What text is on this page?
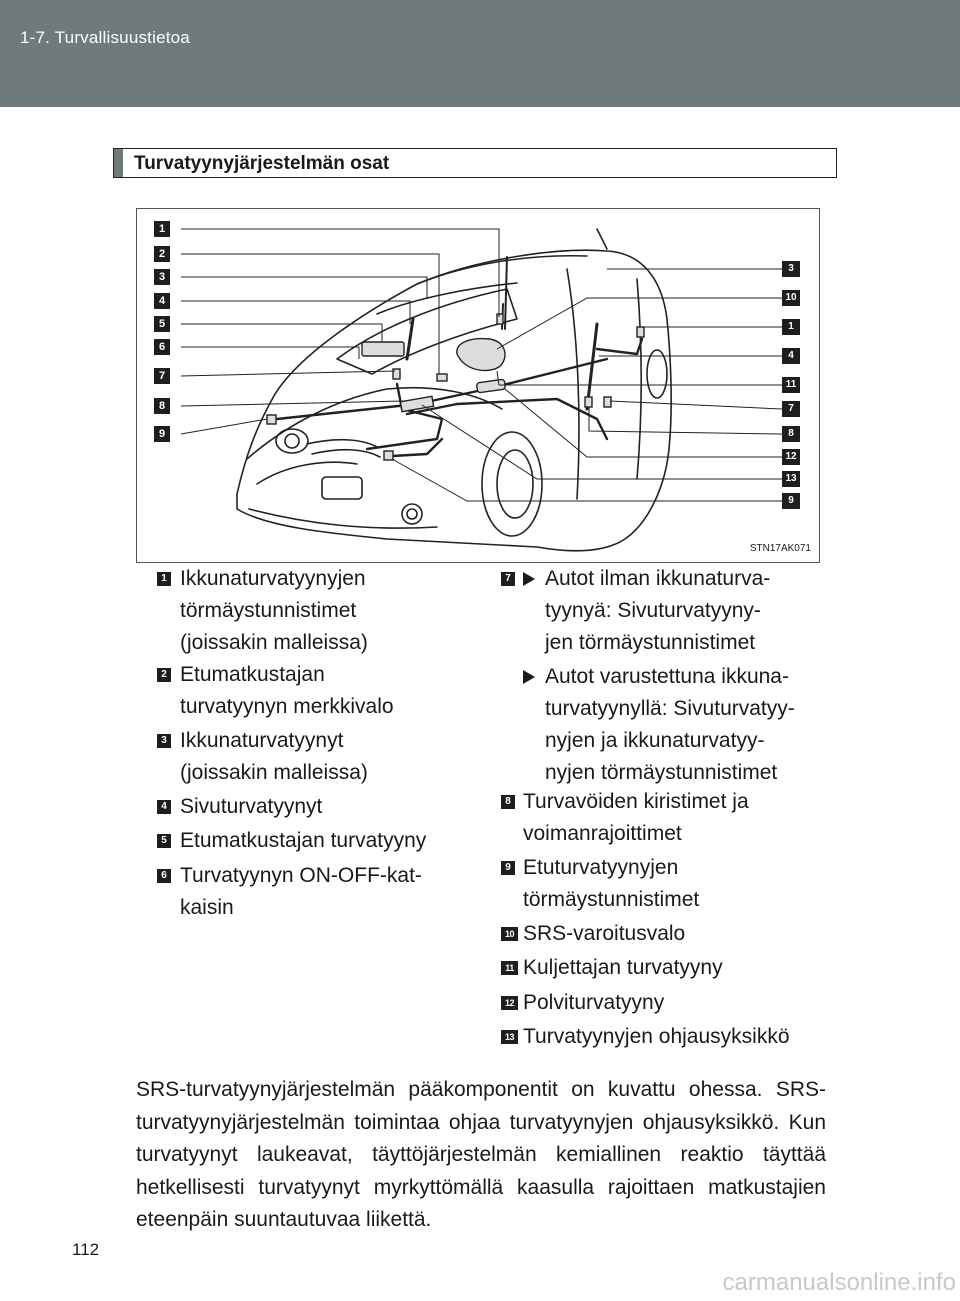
1-7. Turvallisuustietoa
Turvatyynyjärjestelmän osat
1
2
3
4
5
6
7
8
9
3
10
1
4
11
7
8
12
13
9
STN17AK071
1 Ikkunaturvatyynyjen
törmäystunnistimet
(joissakin malleissa)
2 Etumatkustajan
turvatyynyn merkkivalo
3 Ikkunaturvatyynyt
(joissakin malleissa)
4 Sivuturvatyynyt
5 Etumatkustajan turvatyyny
6 Turvatyynyn ON-OFF-kat-
kaisin
7 Autot ilman ikkunaturva-
tyynyä: Sivuturvatyyny-
jen törmäystunnistimet
Autot varustettuna ikkuna-
turvatyynyllä: Sivuturvatyy-
nyjen ja ikkunaturvatyy-
nyjen törmäystunnistimet
8 Turvavöiden kiristimet ja
voimanrajoittimet
9 Etuturvatyynyjen
törmäystunnistimet
10 SRS-varoitusvalo
11 Kuljettajan turvatyyny
12 Polviturvatyyny
13 Turvatyynyjen ohjausyksikkö
SRS-turvatyynyjärjestelmän pääkomponentit on kuvattu ohessa. SRS-turvatyynyjärjestelmän toimintaa ohjaa turvatyynyjen ohjausyksikkö. Kun turvatyynyt laukeavat, täyttöjärjestelmän kemiallinen reaktio täyttää hetkellisesti turvatyynyt myrkyttömällä kaasulla rajoittaen matkustajien eteenpäin suuntautuvaa liikettä.
112
carmanualsonline.info
